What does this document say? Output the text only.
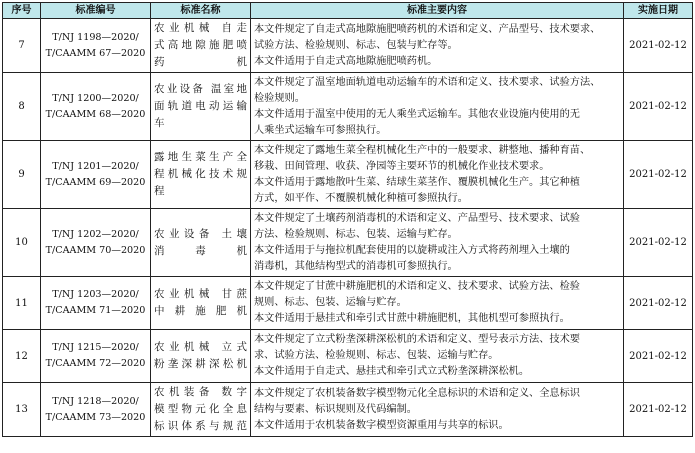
序号	标准编号	标准名称	标准主要内容	实施日期
7	T/NJ 1198—2020/
T/CAAMM 67—2020	农业机械 自走
式高地隙施肥喷
药机	本文件规定了自走式高地隙施肥喷药机的术语和定义、产品型号、技术要求、
试验方法、检验规则、标志、包装与贮存等。
本文件适用于自走式高地隙施肥喷药机。	2021-02-12
8	T/NJ 1200—2020/
T/CAAMM 68—2020	农业设备 温室地
面轨道电动运输
车	本文件规定了温室地面轨道电动运输车的术语和定义、技术要求、试验方法、
检验规则。
本文件适用于温室中使用的无人乘坐式运输车。其他农业设施内使用的无
人乘坐式运输车可参照执行。	2021-02-12
9	T/NJ 1201—2020/
T/CAAMM 69—2020	露地生菜生产全
程机械化技术规
程	本文件规定了露地生菜全程机械化生产中的一般要求、耕整地、播种育苗、
移栽、田间管理、收获、净园等主要环节的机械化作业技术要求。
本文件适用于露地散叶生菜、结球生菜茎作、覆膜机械化生产。其它种植
方式，如平作、不覆膜机械化种植可参照执行。	2021-02-12
10	T/NJ 1202—2020/
T/CAAMM 70—2020	农业设备 土壤
消毒机	本文件规定了土壤药剂消毒机的术语和定义、产品型号、技术要求、试验
方法、检验规则、标志、包装、运输与贮存。
本文件适用于与拖拉机配套使用的以旋耕或注入方式将药剂埋入土壤的
消毒机，其他结构型式的消毒机可参照执行。	2021-02-12
11	T/NJ 1203—2020/
T/CAAMM 71—2020	农业机械 甘蔗
中耕施肥机	本文件规定了甘蔗中耕施肥机的术语和定义、技术要求、试验方法、检验
规则、标志、包装、运输与贮存。
本文件适用于悬挂式和牵引式甘蔗中耕施肥机，其他机型可参照执行。	2021-02-12
12	T/NJ 1215—2020/
T/CAAMM 72—2020	农业机械 立式
粉垄深耕深松机	本文件规定了立式粉垄深耕深松机的术语和定义、型号表示方法、技术要
求、试验方法、检验规则、标志、包装、运输与贮存。
本文件适用于自走式、悬挂式和牵引式立式粉垄深耕深松机。	2021-02-12
13	T/NJ 1218—2020/
T/CAAMM 73—2020	农机装备 数字
模型物元化全息
标识体系与规范	本文件规定了农机装备数字模型物元化全息标识的术语和定义、全息标识
结构与要素、标识规则及代码编制。
本文件适用于农机装备数字模型资源重用与共享的标识。	2021-02-12
